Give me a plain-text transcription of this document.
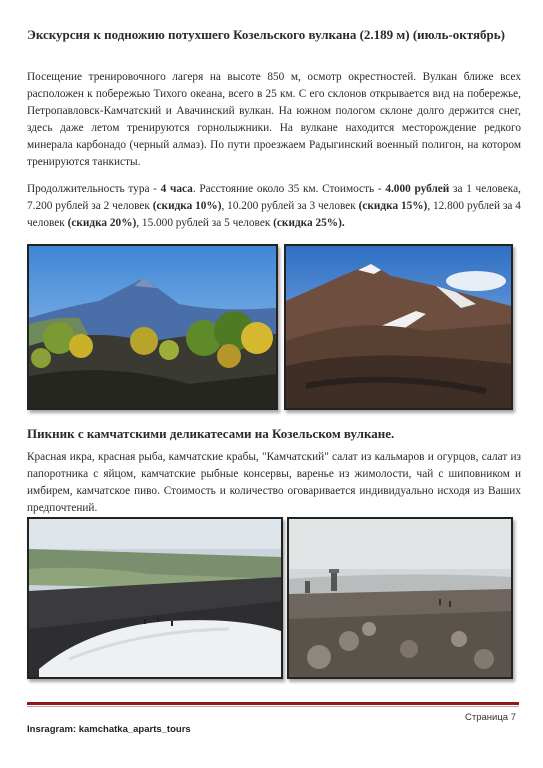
Экскурсия к подножию потухшего Козельского вулкана (2.189 м) (июль-октябрь)
Посещение тренировочного лагеря на высоте 850 м, осмотр окрестностей. Вулкан ближе всех расположен к побережью Тихого океана, всего в 25 км. С его склонов открывается вид на побережье, Петропавловск-Камчатский и Авачинский вулкан. На южном пологом склоне долго держится снег, здесь даже летом тренируются горнолыжники. На вулкане находится месторождение редкого минерала карбонадо (черный алмаз). По пути проезжаем Радыгинский военный полигон, на котором тренируются танкисты.
Продолжительность тура - 4 часа. Расстояние около 35 км. Стоимость - 4.000 рублей за 1 человека, 7.200 рублей за 2 человек (скидка 10%), 10.200 рублей за 3 человек (скидка 15%), 12.800 рублей за 4 человек (скидка 20%), 15.000 рублей за 5 человек (скидка 25%).
Пикник с камчатскими деликатесами на Козельском вулкане.
Красная икра, красная рыба, камчатские крабы, "Камчатский" салат из кальмаров и огурцов, салат из папоротника с яйцом, камчатские рыбные консервы, варенье из жимолости, чай с шиповником и имбирем, камчатское пиво. Стоимость и количество оговаривается индивидуально исходя из Ваших предпочтений.
Страница 7
Insragram: kamchatka_aparts_tours
